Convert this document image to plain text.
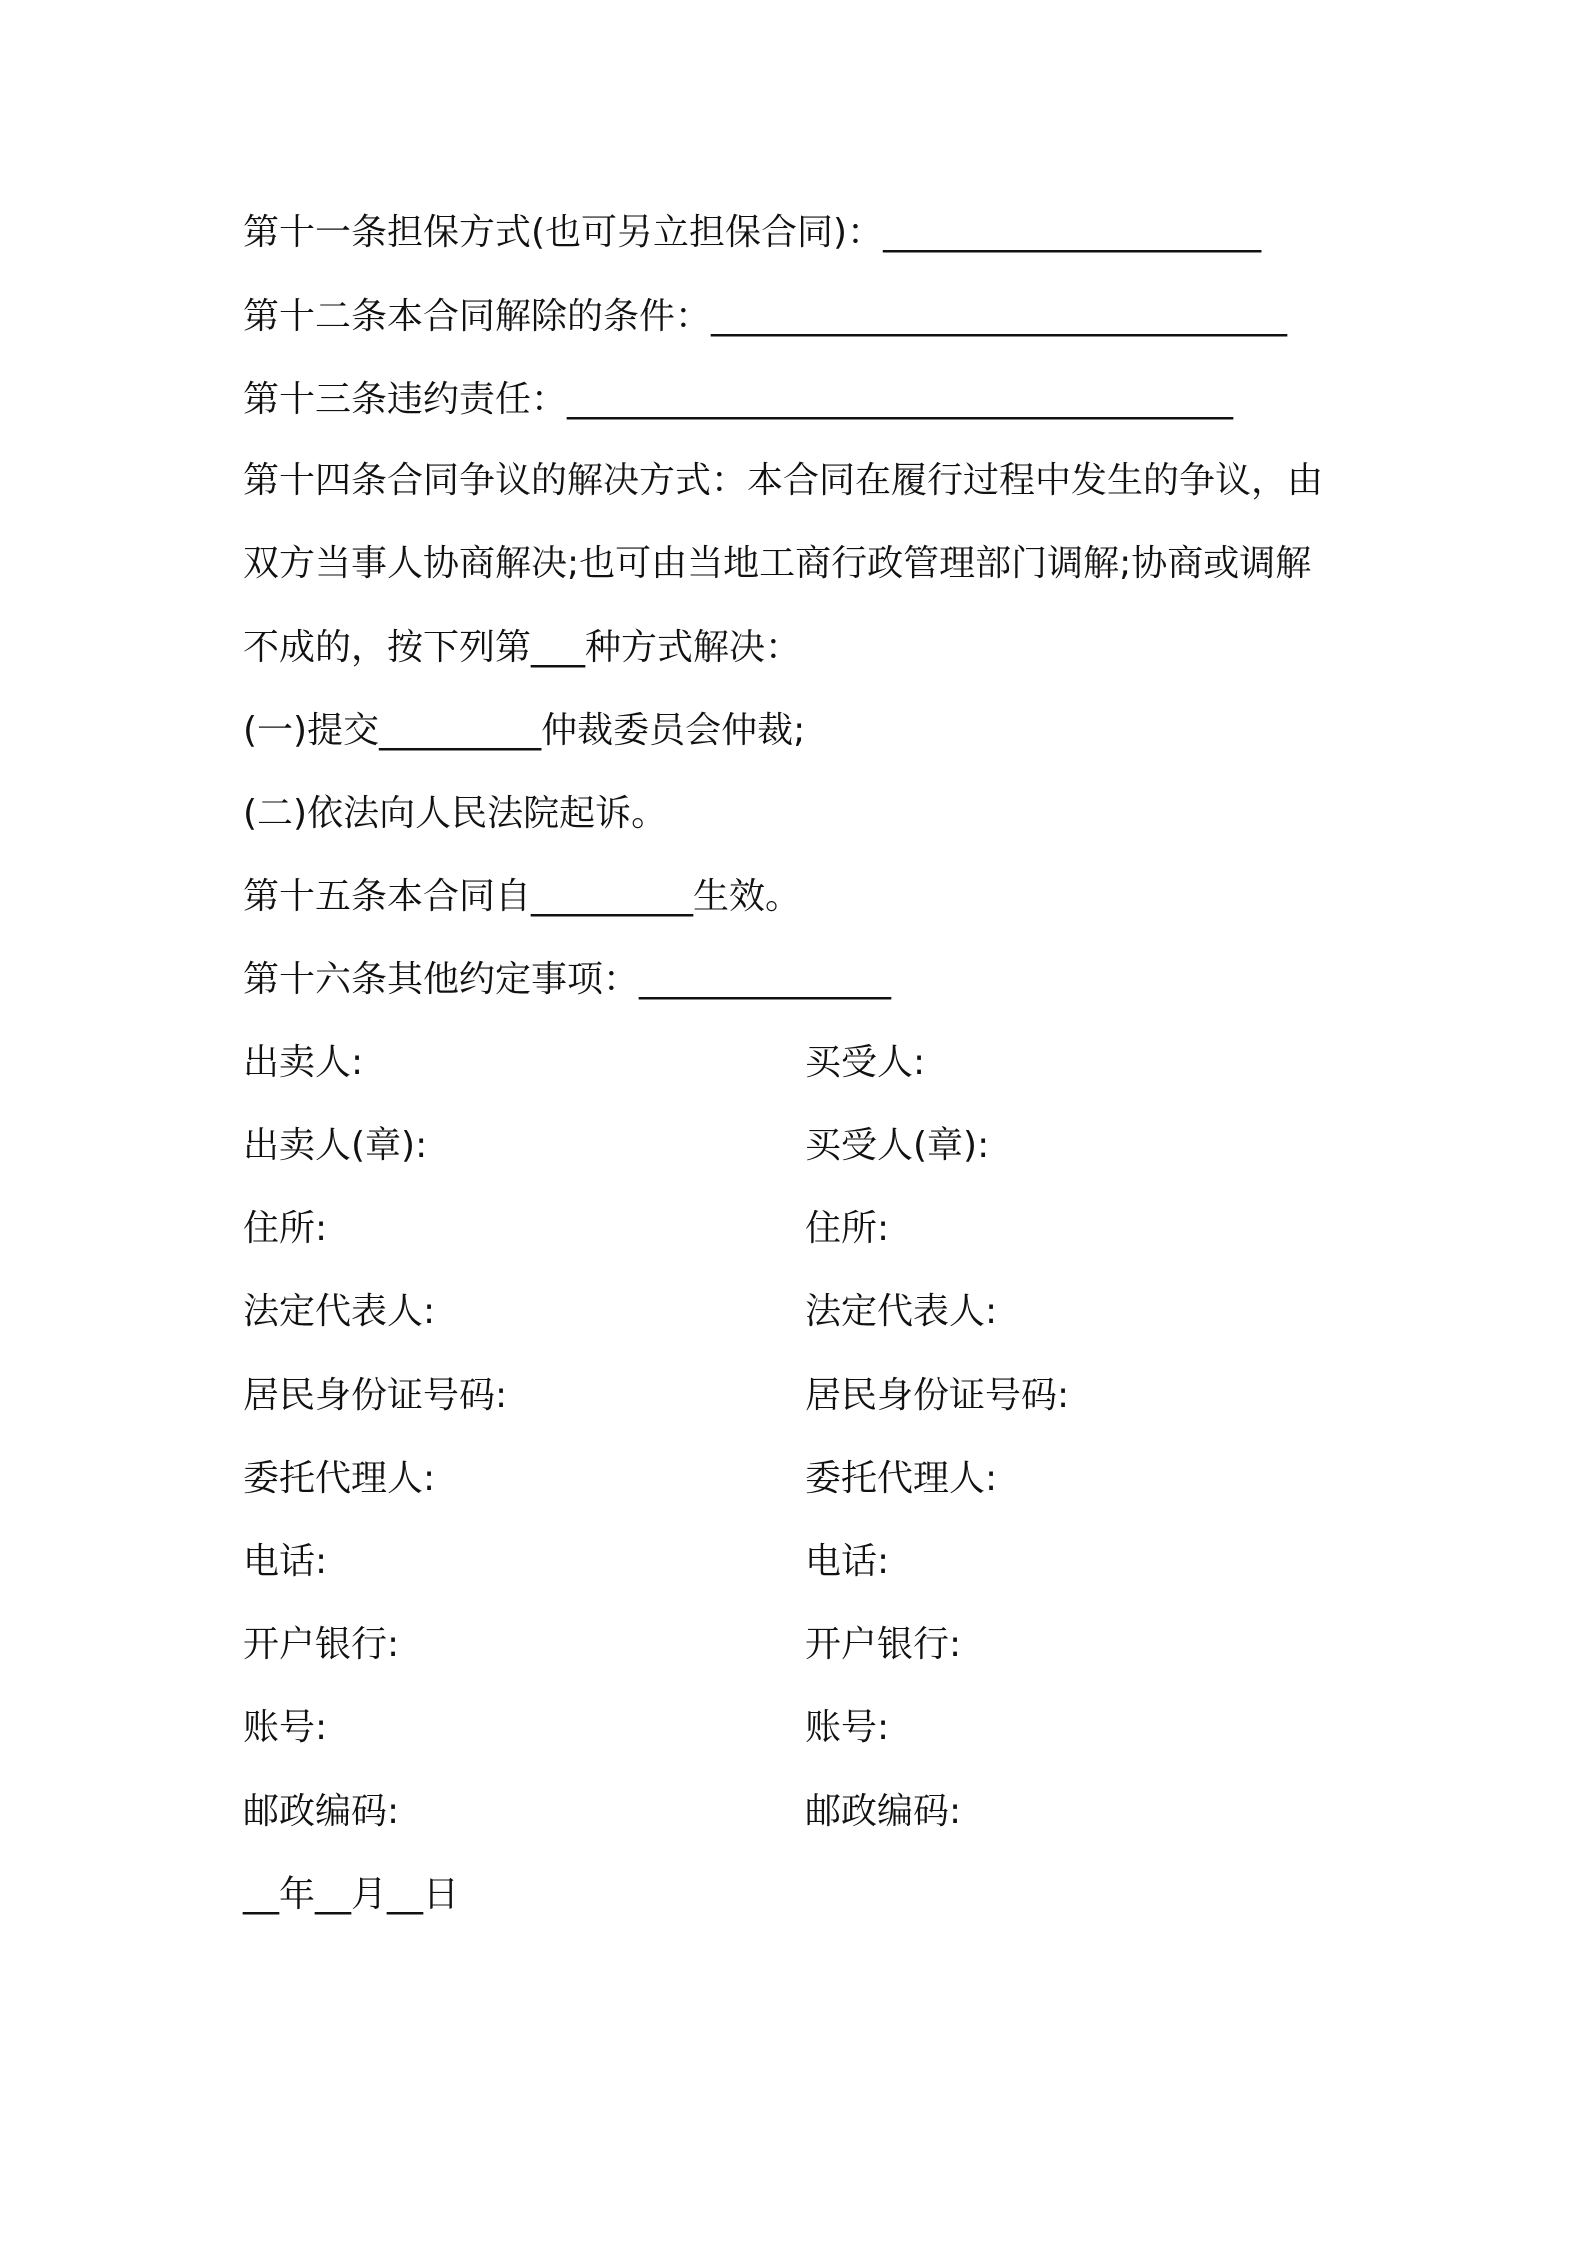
第十一条担保方式(也可另立担保合同)：_____________________
第十二条本合同解除的条件：________________________________
第十三条违约责任：_____________________________________
第十四条合同争议的解决方式：本合同在履行过程中发生的争议，由
双方当事人协商解决;也可由当地工商行政管理部门调解;协商或调解
不成的，按下列第___种方式解决：
(一)提交_________仲裁委员会仲裁;
(二)依法向人民法院起诉。
第十五条本合同自_________生效。
第十六条其他约定事项：______________
出卖人:	买受人:
出卖人(章):	买受人(章):
住所:	住所:
法定代表人:	法定代表人:
居民身份证号码:	居民身份证号码:
委托代理人:	委托代理人:
电话:	电话:
开户银行:	开户银行:
账号:	账号:
邮政编码:	邮政编码:
__年__月__日
